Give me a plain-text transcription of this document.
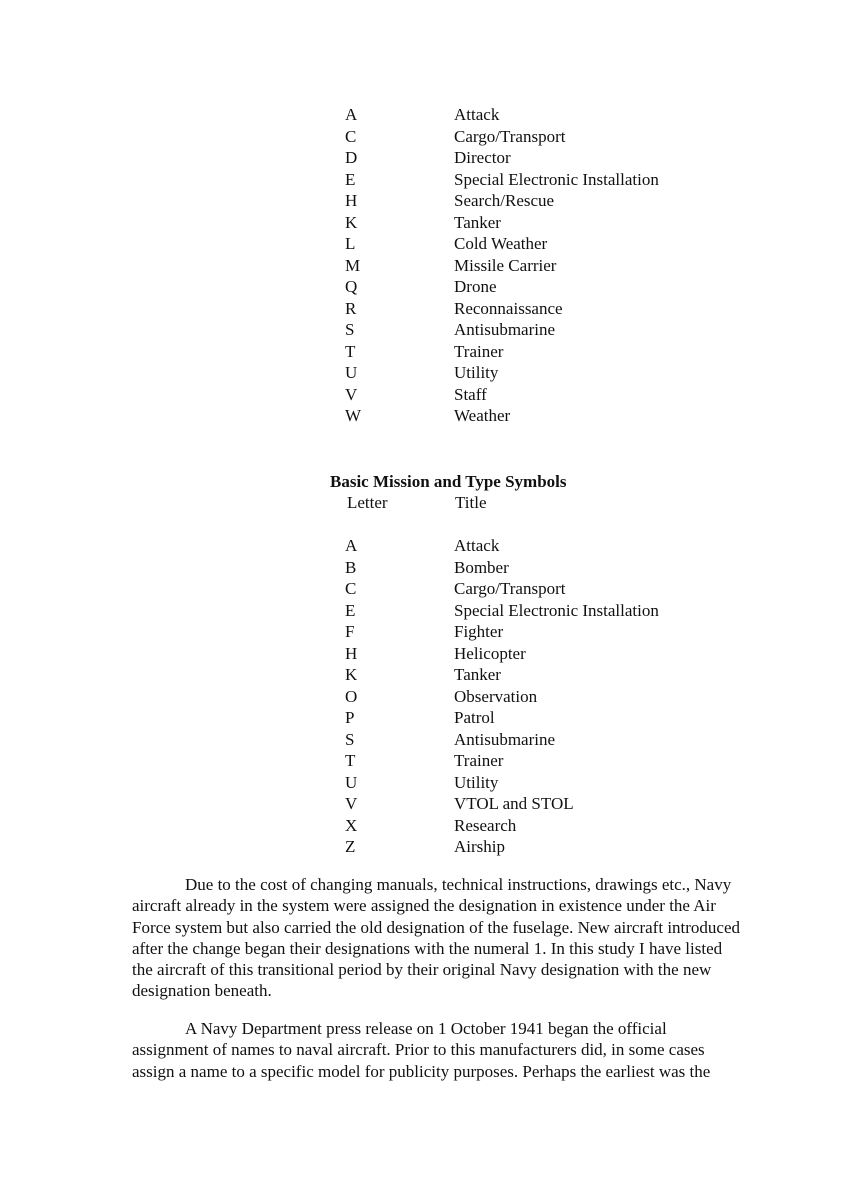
A	Attack
C	Cargo/Transport
D	Director
E	Special Electronic Installation
H	Search/Rescue
K	Tanker
L	Cold Weather
M	Missile Carrier
Q	Drone
R	Reconnaissance
S	Antisubmarine
T	Trainer
U	Utility
V	Staff
W	Weather
Basic Mission and Type Symbols
Letter	Title
A	Attack
B	Bomber
C	Cargo/Transport
E	Special Electronic Installation
F	Fighter
H	Helicopter
K	Tanker
O	Observation
P	Patrol
S	Antisubmarine
T	Trainer
U	Utility
V	VTOL and STOL
X	Research
Z	Airship
Due to the cost of changing manuals, technical instructions, drawings etc., Navy
aircraft already in the system were assigned the designation in existence under the Air
Force system but also carried the old designation of the fuselage. New aircraft introduced
after the change began their designations with the numeral 1. In this study I have listed
the aircraft of this transitional period by their original Navy designation with the new
designation beneath.
A Navy Department press release on 1 October 1941 began the official
assignment of names to naval aircraft. Prior to this manufacturers did, in some cases
assign a name to a specific model for publicity purposes. Perhaps the earliest was the
